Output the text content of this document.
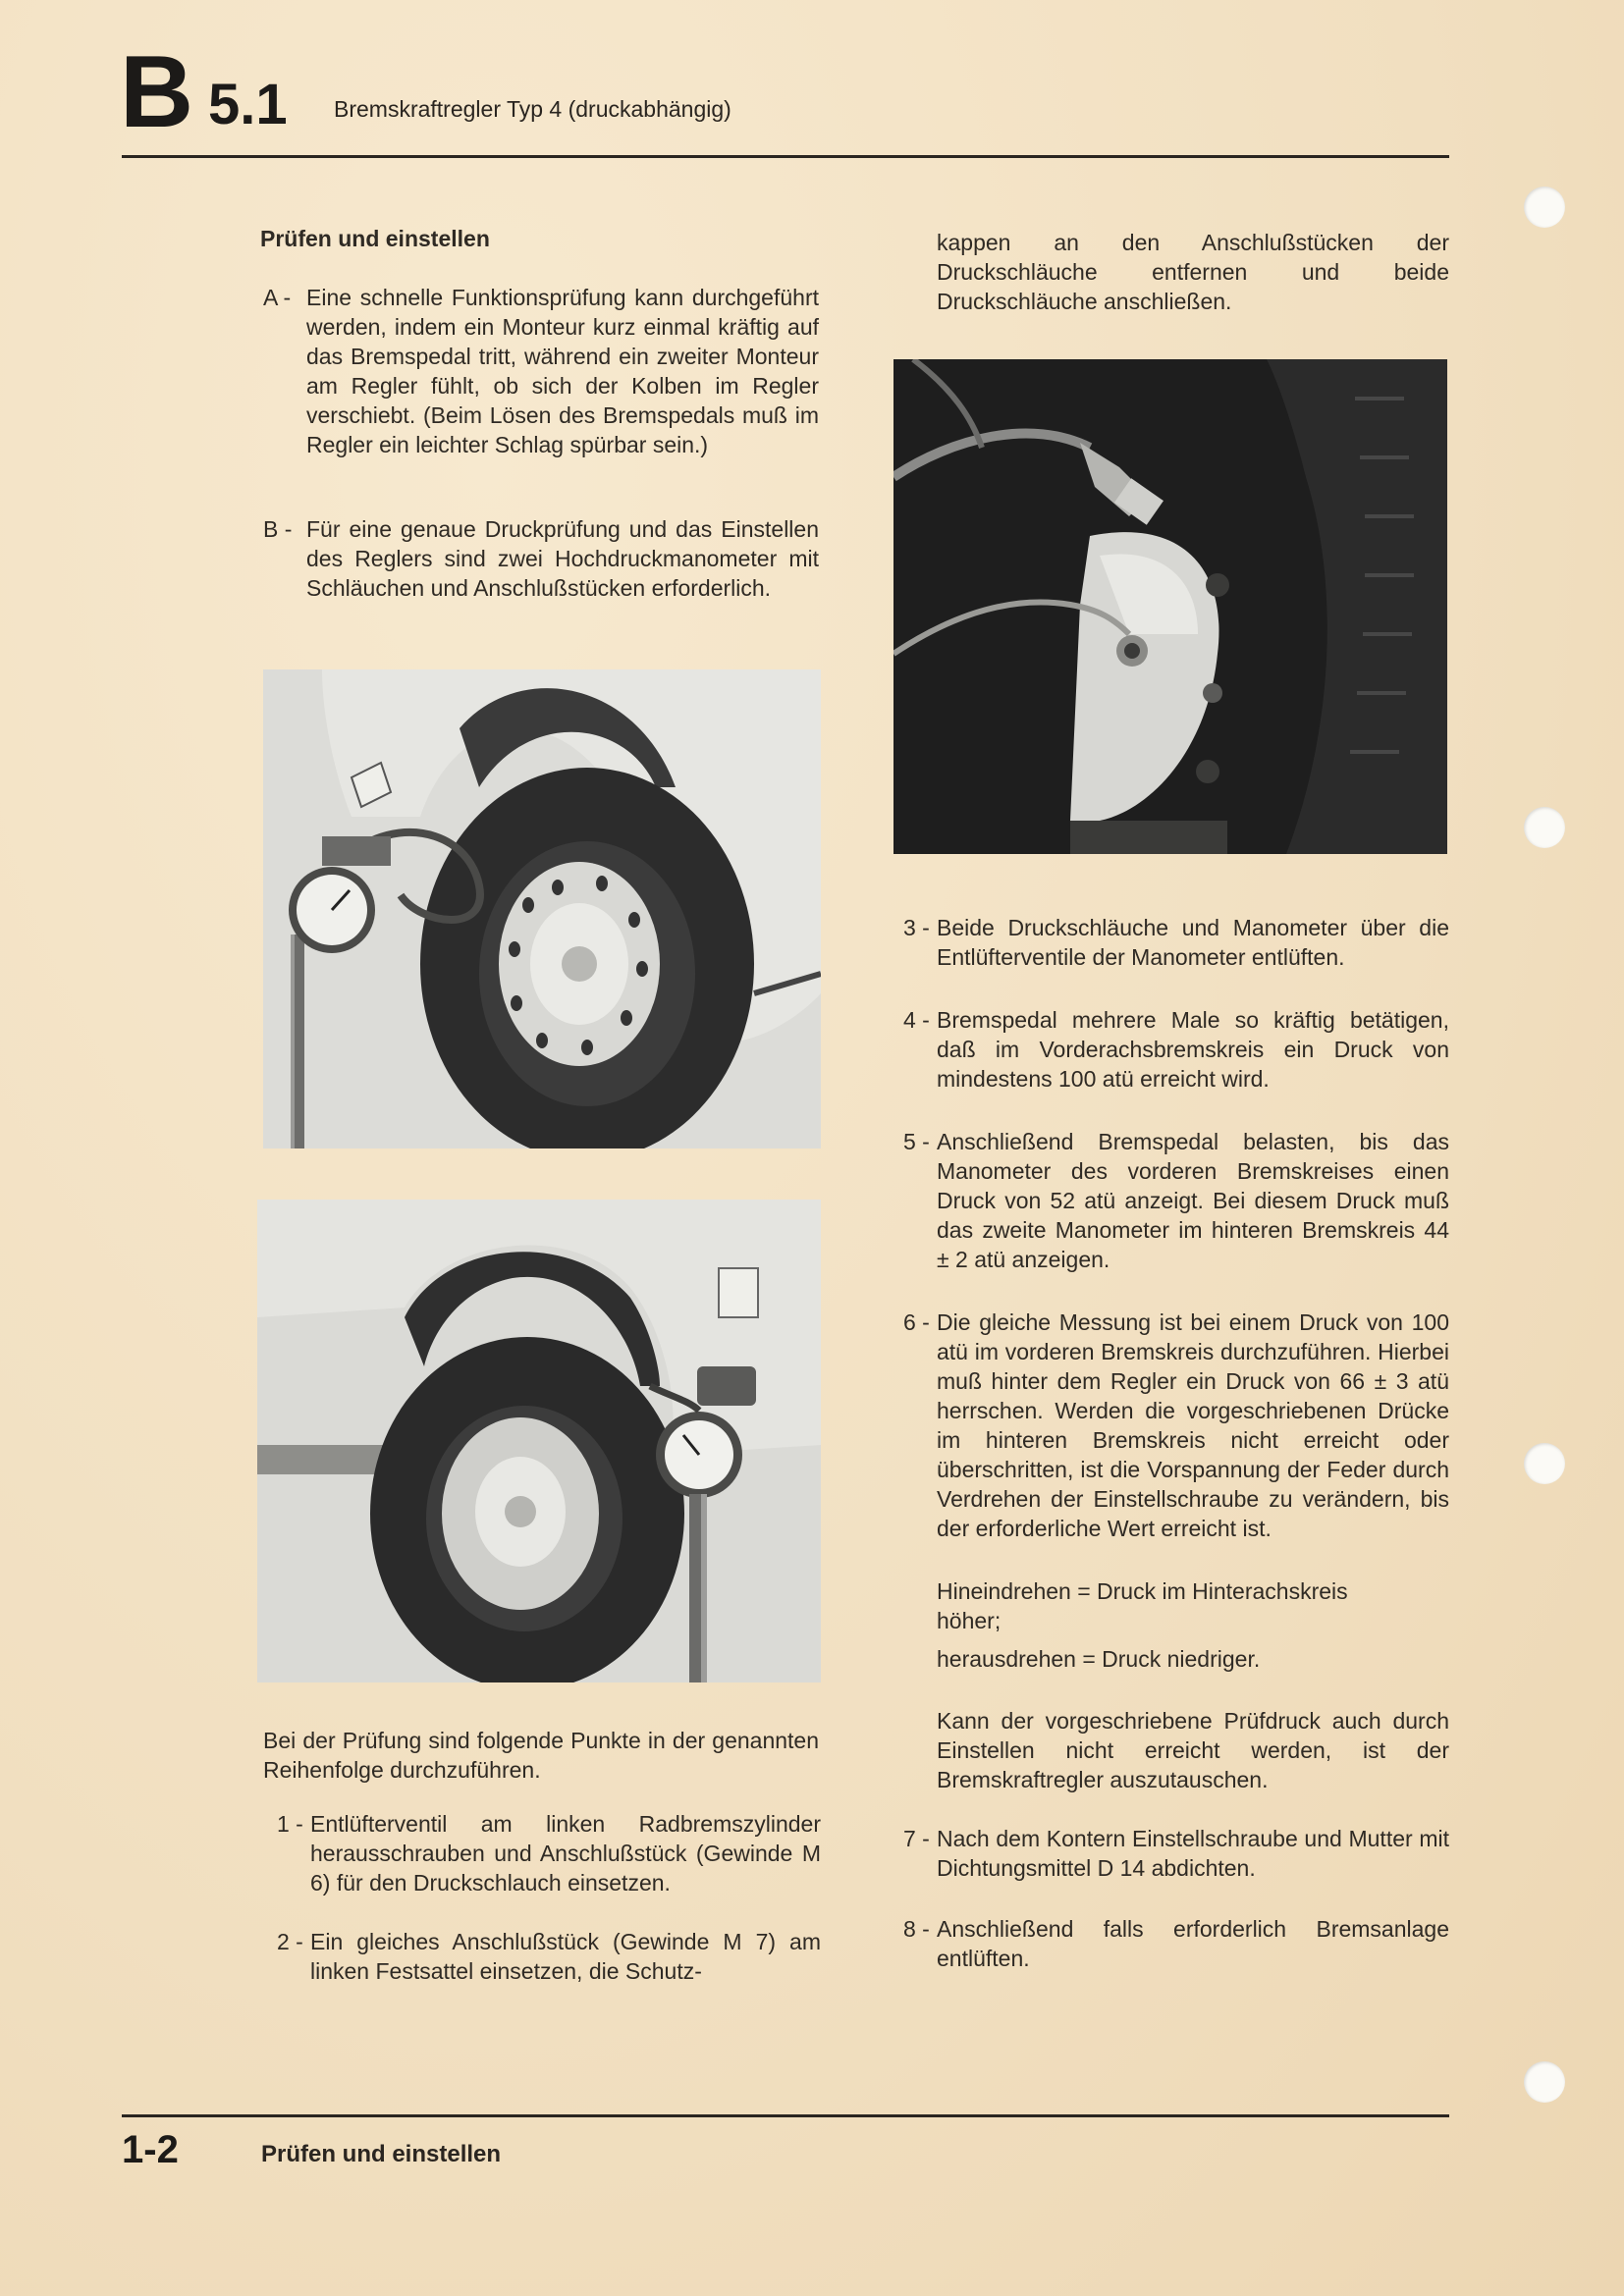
B 5.1 Bremskraftregler Typ 4 (druckabhängig)
Prüfen und einstellen
A - Eine schnelle Funktionsprüfung kann durchgeführt werden, indem ein Monteur kurz einmal kräftig auf das Bremspedal tritt, während ein zweiter Monteur am Regler fühlt, ob sich der Kolben im Regler verschiebt. (Beim Lösen des Bremspedals muß im Regler ein leichter Schlag spürbar sein.)

B - Für eine genaue Druckprüfung und das Einstellen des Reglers sind zwei Hochdruckmanometer mit Schläuchen und Anschlußstücken erforderlich.

Bei der Prüfung sind folgende Punkte in der genannten Reihenfolge durchzuführen.
1 - Entlüfterventil am linken Radbremszylinder herausschrauben und Anschlußstück (Gewinde M 6) für den Druckschlauch einsetzen.

2 - Ein gleiches Anschlußstück (Gewinde M 7) am linken Festsattel einsetzen, die Schutz-

kappen an den Anschlußstücken der Druckschläuche entfernen und beide Druckschläuche anschließen.
3 - Beide Druckschläuche und Manometer über die Entlüfterventile der Manometer entlüften.

4 - Bremspedal mehrere Male so kräftig betätigen, daß im Vorderachsbremskreis ein Druck von mindestens 100 atü erreicht wird.

5 - Anschließend Bremspedal belasten, bis das Manometer des vorderen Bremskreises einen Druck von 52 atü anzeigt. Bei diesem Druck muß das zweite Manometer im hinteren Bremskreis 44 ± 2 atü anzeigen.

6 - Die gleiche Messung ist bei einem Druck von 100 atü im vorderen Bremskreis durchzuführen. Hierbei muß hinter dem Regler ein Druck von 66 ± 3 atü herrschen. Werden die vorgeschriebenen Drücke im hinteren Bremskreis nicht erreicht oder überschritten, ist die Vorspannung der Feder durch Verdrehen der Einstellschraube zu verändern, bis der erforderliche Wert erreicht ist.

Hineindrehen = Druck im Hinterachskreis höher;
herausdrehen = Druck niedriger.
Kann der vorgeschriebene Prüfdruck auch durch Einstellen nicht erreicht werden, ist der Bremskraftregler auszutauschen.
7 - Nach dem Kontern Einstellschraube und Mutter mit Dichtungsmittel D 14 abdichten.

8 - Anschließend falls erforderlich Bremsanlage entlüften.

1-2	Prüfen und einstellen
